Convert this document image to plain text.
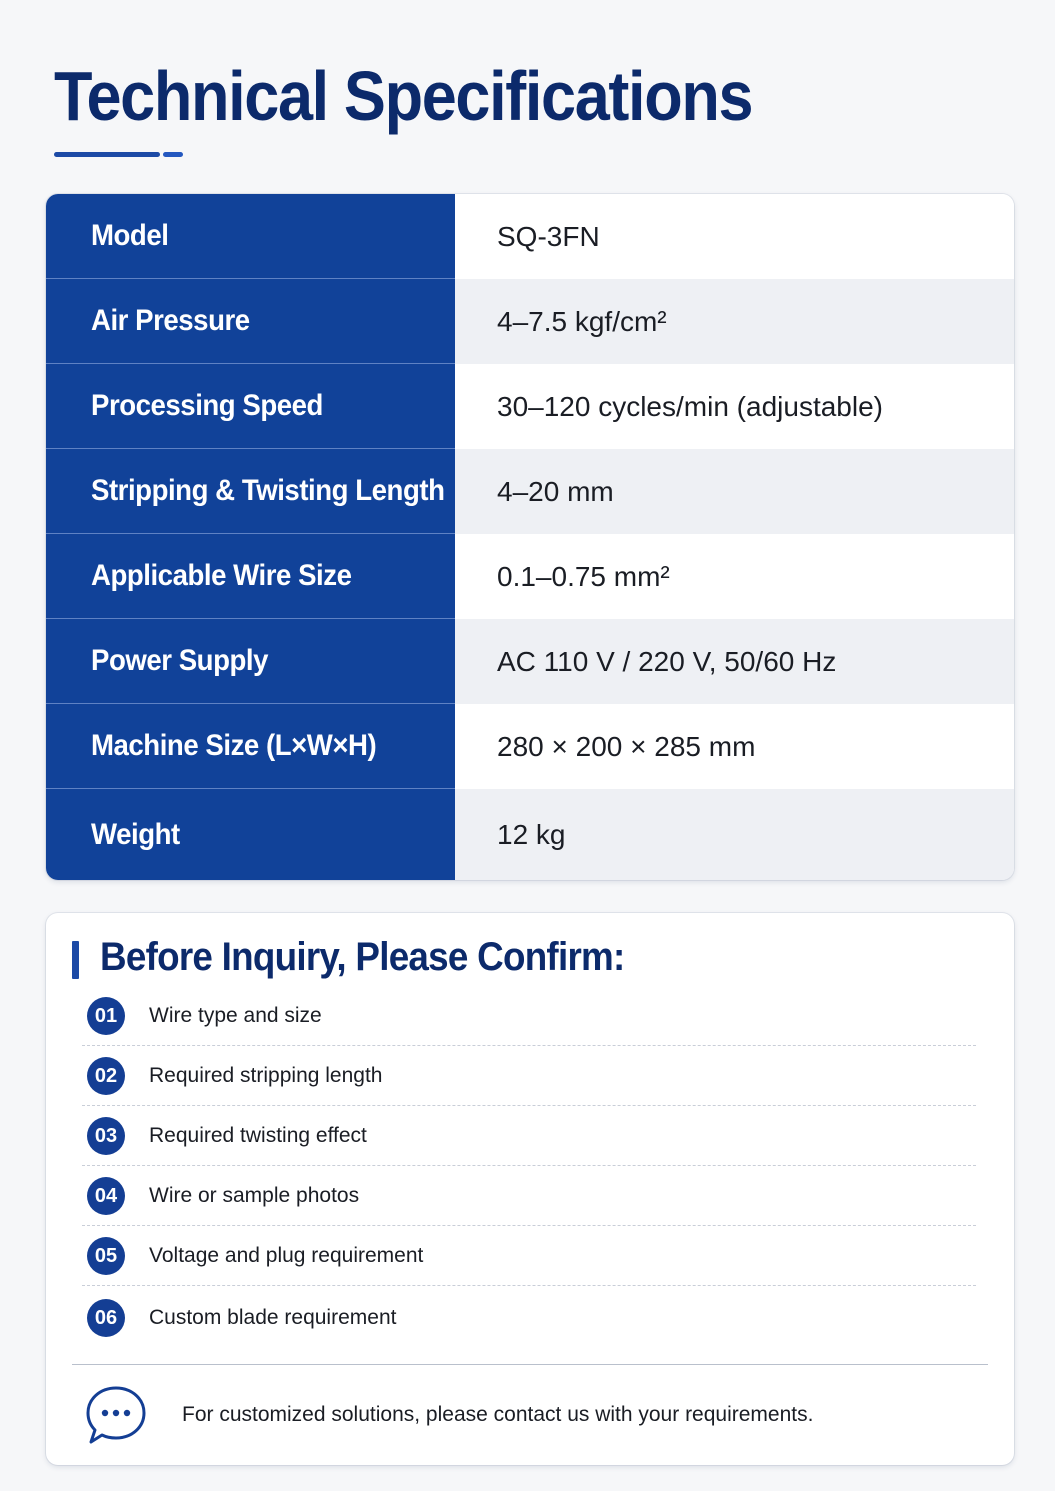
Technical Specifications
Model	SQ-3FN
Air Pressure	4–7.5 kgf/cm²
Processing Speed	30–120 cycles/min (adjustable)
Stripping & Twisting Length	4–20 mm
Applicable Wire Size	0.1–0.75 mm²
Power Supply	AC 110 V / 220 V, 50/60 Hz
Machine Size (L×W×H)	280 × 200 × 285 mm
Weight	12 kg
Before Inquiry, Please Confirm:
01	Wire type and size
02	Required stripping length
03	Required twisting effect
04	Wire or sample photos
05	Voltage and plug requirement
06	Custom blade requirement
For customized solutions, please contact us with your requirements.
